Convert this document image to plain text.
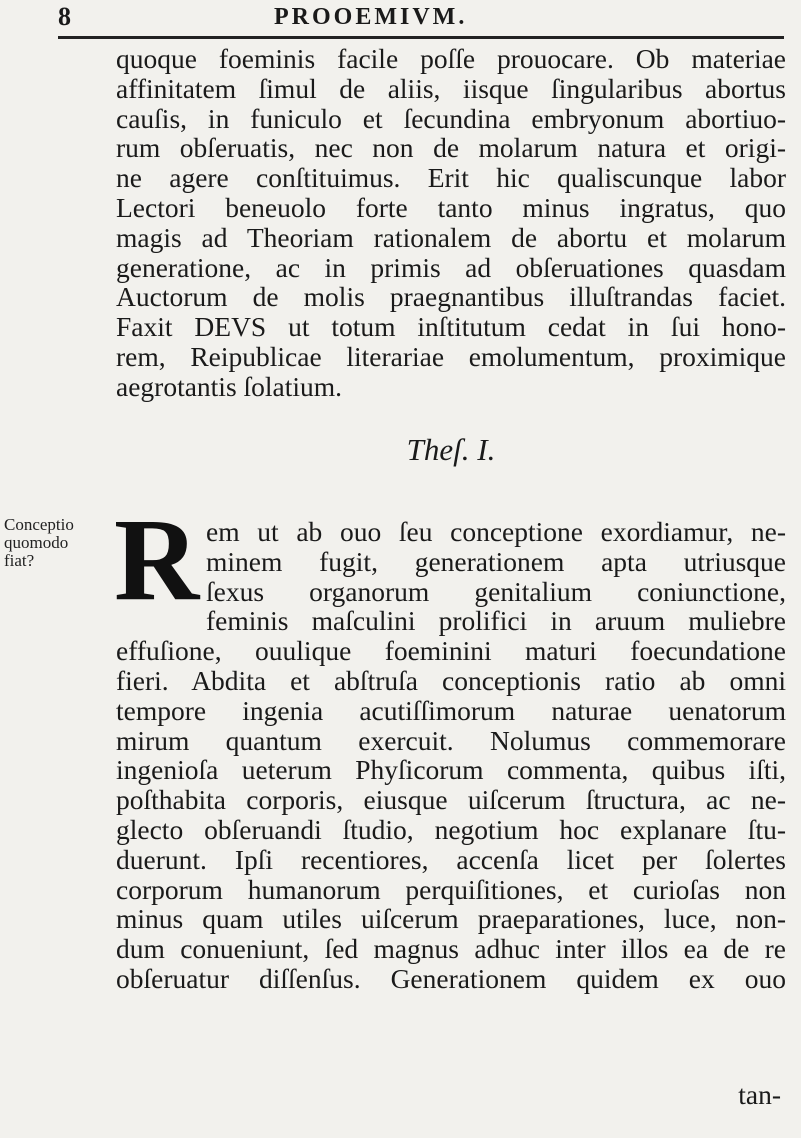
8	PROOEMIVM.
quoque foeminis facile poſſe prouocare. Ob materiae
affinitatem ſimul de aliis, iisque ſingularibus abortus
cauſis, in funiculo et ſecundina embryonum abortiuo-
rum obſeruatis, nec non de molarum natura et origi-
ne agere conſtituimus. Erit hic qualiscunque labor
Lectori beneuolo forte tanto minus ingratus, quo
magis ad Theoriam rationalem de abortu et molarum
generatione, ac in primis ad obſeruationes quasdam
Auctorum de molis praegnantibus illuſtrandas faciet.
Faxit DEVS ut totum inſtitutum cedat in ſui hono-
rem, Reipublicae literariae emolumentum, proximique
aegrotantis ſolatium.
Theſ. I.
Conceptio
quomodo
fiat? R em ut ab ouo ſeu conceptione exordiamur, ne-
minem fugit, generationem apta utriusque
ſexus organorum genitalium coniunctione,
feminis maſculini prolifici in aruum muliebre
effuſione, ouulique foeminini maturi foecundatione
fieri. Abdita et abſtruſa conceptionis ratio ab omni
tempore ingenia acutiſſimorum naturae uenatorum
mirum quantum exercuit. Nolumus commemorare
ingenioſa ueterum Phyſicorum commenta, quibus iſti,
poſthabita corporis, eiusque uiſcerum ſtructura, ac ne-
glecto obſeruandi ſtudio, negotium hoc explanare ſtu-
duerunt. Ipſi recentiores, accenſa licet per ſolertes
corporum humanorum perquiſitiones, et curioſas non
minus quam utiles uiſcerum praeparationes, luce, non-
dum conueniunt, ſed magnus adhuc inter illos ea de re
obſeruatur diſſenſus. Generationem quidem ex ouo
tan-
